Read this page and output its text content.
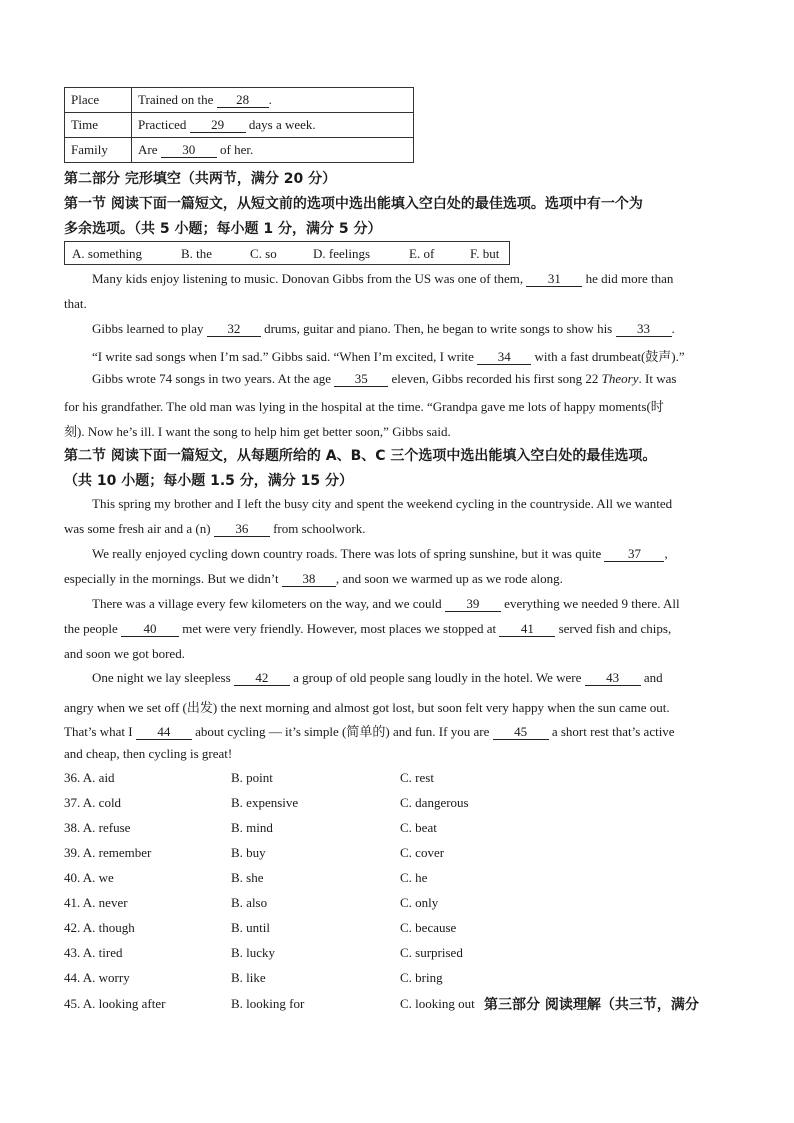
Place	Trained on the 28 .
Time	Practiced 29 days a week.
Family	Are 30 of her.
第二部分 完形填空（共两节，满分 20 分）
第一节 阅读下面一篇短文，从短文前的选项中选出能填入空白处的最佳选项。选项中有一个为
多余选项。（共 5 小题；每小题 1 分，满分 5 分）
A. something	B. the	C. so	D. feelings	E. of	F. but
Many kids enjoy listening to music. Donovan Gibbs from the US was one of them, 31 he did more than
that.
Gibbs learned to play 32 drums, guitar and piano. Then, he began to write songs to show his 33 .
“I write sad songs when I’m sad.” Gibbs said. “When I’m excited, I write 34 with a fast drumbeat(鼓声).”
Gibbs wrote 74 songs in two years. At the age 35 eleven, Gibbs recorded his first song 22 Theory. It was
for his grandfather. The old man was lying in the hospital at the time. “Grandpa gave me lots of happy moments(时
刻). Now he’s ill. I want the song to help him get better soon,” Gibbs said.
第二节 阅读下面一篇短文，从每题所给的 A、B、C 三个选项中选出能填入空白处的最佳选项。
（共 10 小题；每小题 1.5 分，满分 15 分）
This spring my brother and I left the busy city and spent the weekend cycling in the countryside. All we wanted
was some fresh air and a (n) 36 from schoolwork.
We really enjoyed cycling down country roads. There was lots of spring sunshine, but it was quite 37 ,
especially in the mornings. But we didn’t 38 , and soon we warmed up as we rode along.
There was a village every few kilometers on the way, and we could 39 everything we needed 9 there. All
the people 40 met were very friendly. However, most places we stopped at 41 served fish and chips,
and soon we got bored.
One night we lay sleepless 42 a group of old people sang loudly in the hotel. We were 43 and
angry when we set off (出发) the next morning and almost got lost, but soon felt very happy when the sun came out.
That’s what I 44 about cycling — it’s simple (简单的) and fun. If you are 45 a short rest that’s active
and cheap, then cycling is great!
36. A. aid	B. point	C. rest
37. A. cold	B. expensive	C. dangerous
38. A. refuse	B. mind	C. beat
39. A. remember	B. buy	C. cover
40. A. we	B. she	C. he
41. A. never	B. also	C. only
42. A. though	B. until	C. because
43. A. tired	B. lucky	C. surprised
44. A. worry	B. like	C. bring
45. A. looking after	B. looking for	C. looking out 第三部分 阅读理解（共三节，满分
